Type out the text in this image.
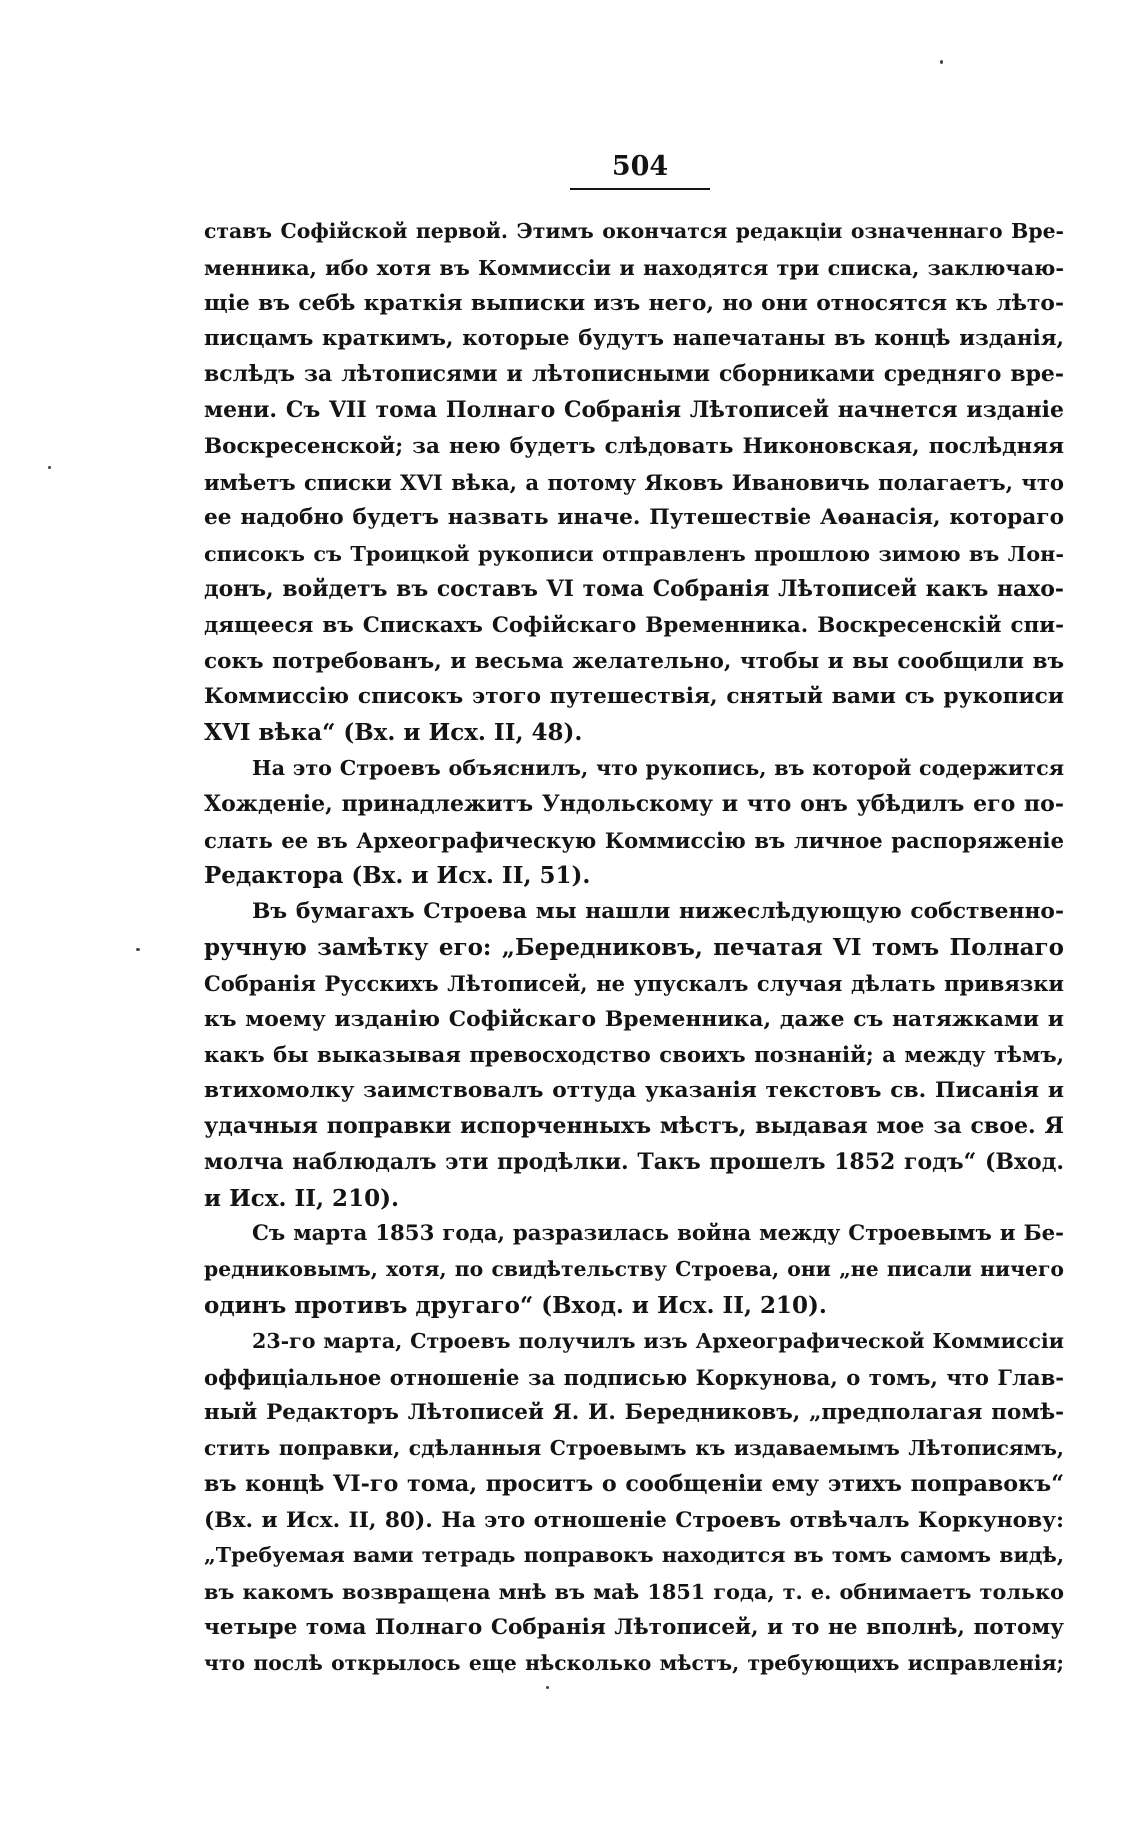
504
ставъ Софійской первой. Этимъ окончатся редакціи означеннаго Вре-
менника, ибо хотя въ Коммиссіи и находятся три списка, заключаю-
щіе въ себѣ краткія выписки изъ него, но они относятся къ лѣто-
писцамъ краткимъ, которые будутъ напечатаны въ концѣ изданія,
вслѣдъ за лѣтописями и лѣтописными сборниками средняго вре-
мени. Съ VII тома Полнаго Собранія Лѣтописей начнется изданіе
Воскресенской; за нею будетъ слѣдовать Никоновская, послѣдняя
имѣетъ списки XVI вѣка, а потому Яковъ Ивановичь полагаетъ, что
ее надобно будетъ назвать иначе. Путешествіе Аѳанасія, котораго
списокъ съ Троицкой рукописи отправленъ прошлою зимою въ Лон-
донъ, войдетъ въ составъ VI тома Собранія Лѣтописей какъ нахо-
дящееся въ Спискахъ Софійскаго Временника. Воскресенскій спи-
сокъ потребованъ, и весьма желательно, чтобы и вы сообщили въ
Коммиссію списокъ этого путешествія, снятый вами съ рукописи
XVI вѣка“ (Вх. и Исх. II, 48).
На это Строевъ объяснилъ, что рукопись, въ которой содержится
Хожденіе, принадлежитъ Ундольскому и что онъ убѣдилъ его по-
слать ее въ Археографическую Коммиссію въ личное распоряженіе
Редактора (Вх. и Исх. II, 51).
Въ бумагахъ Строева мы нашли нижеслѣдующую собственно-
ручную замѣтку его: „Бередниковъ, печатая VI томъ Полнаго
Собранія Русскихъ Лѣтописей, не упускалъ случая дѣлать привязки
къ моему изданію Софійскаго Временника, даже съ натяжками и
какъ бы выказывая превосходство своихъ познаній; а между тѣмъ,
втихомолку заимствовалъ оттуда указанія текстовъ св. Писанія и
удачныя поправки испорченныхъ мѣстъ, выдавая мое за свое. Я
молча наблюдалъ эти продѣлки. Такъ прошелъ 1852 годъ“ (Вход.
и Исх. II, 210).
Съ марта 1853 года, разразилась война между Строевымъ и Бе-
редниковымъ, хотя, по свидѣтельству Строева, они „не писали ничего
одинъ противъ другаго“ (Вход. и Исх. II, 210).
23-го марта, Строевъ получилъ изъ Археографической Коммиссіи
оффиціальное отношеніе за подписью Коркунова, о томъ, что Глав-
ный Редакторъ Лѣтописей Я. И. Бередниковъ, „предполагая помѣ-
стить поправки, сдѣланныя Строевымъ къ издаваемымъ Лѣтописямъ,
въ концѣ VI-го тома, проситъ о сообщеніи ему этихъ поправокъ“
(Вх. и Исх. II, 80). На это отношеніе Строевъ отвѣчалъ Коркунову:
„Требуемая вами тетрадь поправокъ находится въ томъ самомъ видѣ,
въ какомъ возвращена мнѣ въ маѣ 1851 года, т. е. обнимаетъ только
четыре тома Полнаго Собранія Лѣтописей, и то не вполнѣ, потому
что послѣ открылось еще нѣсколько мѣстъ, требующихъ исправленія;
